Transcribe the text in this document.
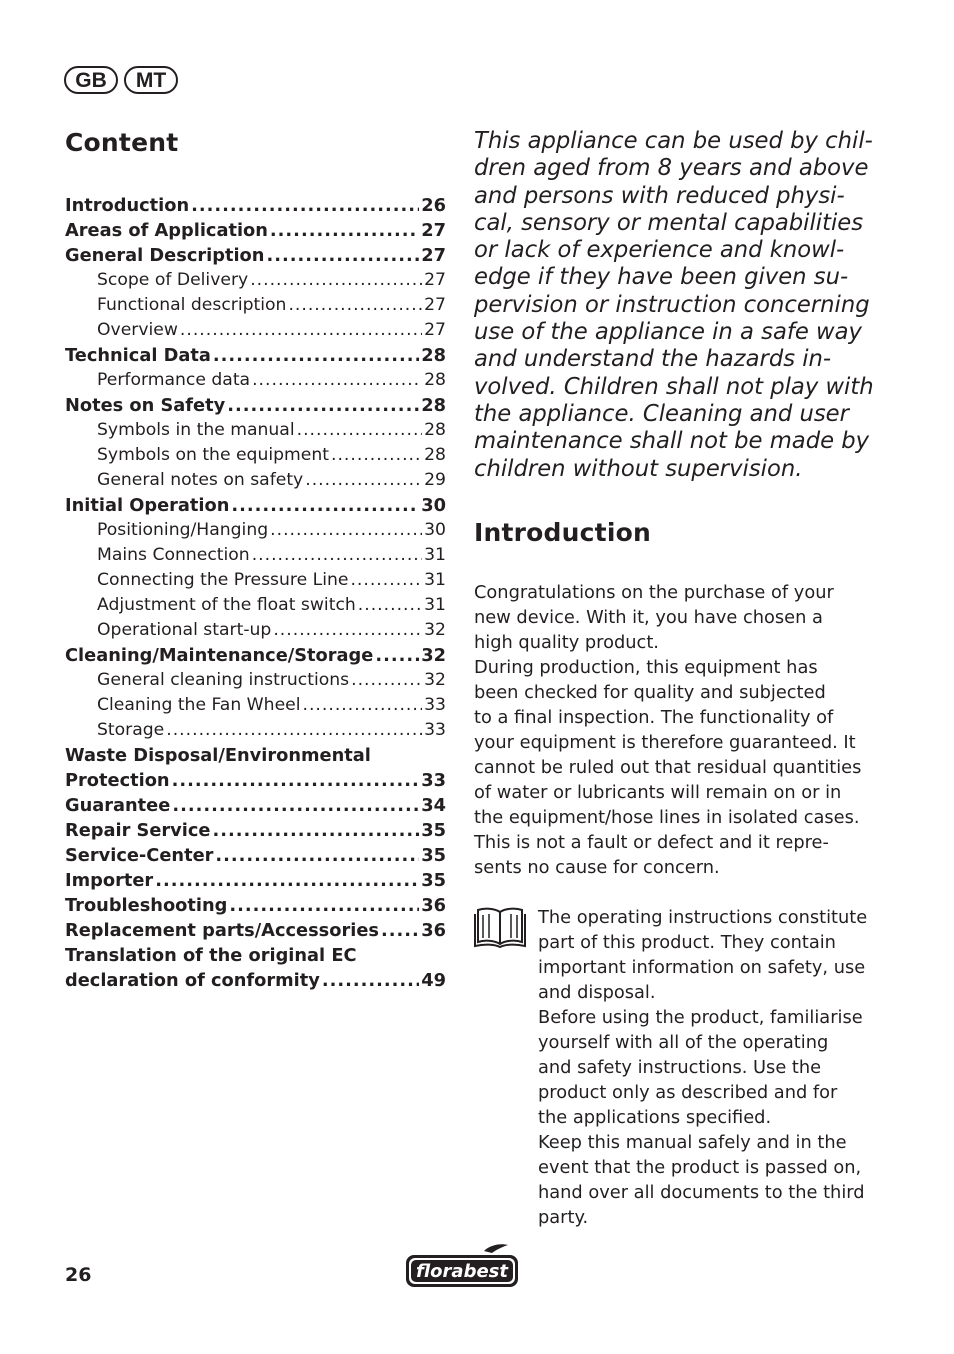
GB	MT
Content
Introduction .....	26
Areas of Application .....	27
General Description .....	27
Scope of Delivery .....	27
Functional description .....	27
Overview .....	27
Technical Data .....	28
Performance data .....	28
Notes on Safety .....	28
Symbols in the manual .....	28
Symbols on the equipment .....	28
General notes on safety .....	29
Initial Operation .....	30
Positioning/Hanging .....	30
Mains Connection .....	31
Connecting the Pressure Line .....	31
Adjustment of the float switch .....	31
Operational start-up .....	32
Cleaning/Maintenance/Storage .....	32
General cleaning instructions .....	32
Cleaning the Fan Wheel .....	33
Storage .....	33
Waste Disposal/Environmental
Protection .....	33
Guarantee .....	34
Repair Service .....	35
Service-Center .....	35
Importer .....	35
Troubleshooting .....	36
Replacement parts/Accessories ..... 36
Translation of the original EC
declaration of conformity .....	49

This appliance can be used by chil-
dren aged from 8 years and above
and persons with reduced physi-
cal, sensory or mental capabilities
or lack of experience and knowl-
edge if they have been given su-
pervision or instruction concerning
use of the appliance in a safe way
and understand the hazards in-
volved. Children shall not play with
the appliance. Cleaning and user
maintenance shall not be made by
children without supervision.

Introduction

Congratulations on the purchase of your
new device. With it, you have chosen a
high quality product.
During production, this equipment has
been checked for quality and subjected
to a final inspection. The functionality of
your equipment is therefore guaranteed. It
cannot be ruled out that residual quantities
of water or lubricants will remain on or in
the equipment/hose lines in isolated cases.
This is not a fault or defect and it repre-
sents no cause for concern.

The operating instructions constitute
part of this product. They contain
important information on safety, use
and disposal.
Before using the product, familiarise
yourself with all of the operating
and safety instructions. Use the
product only as described and for
the applications specified.
Keep this manual safely and in the
event that the product is passed on,
hand over all documents to the third
party.

26	florabest
